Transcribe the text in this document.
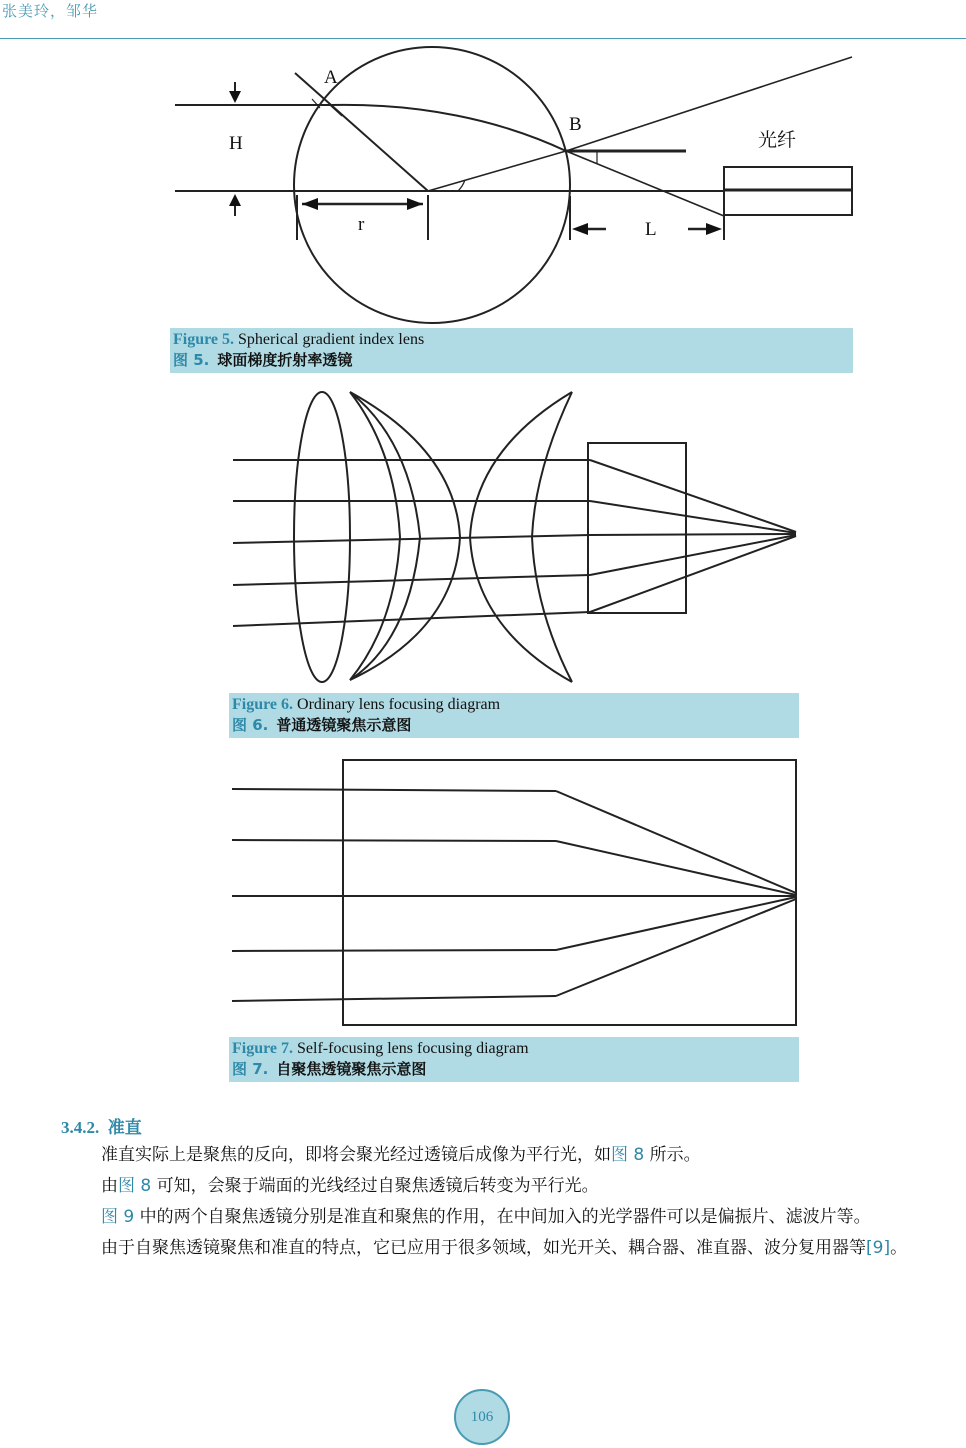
张美玲，邹华
A
B
H
r	L
光纤
Figure 5. Spherical gradient index lens
图 5. 球面梯度折射率透镜
Figure 6. Ordinary lens focusing diagram
图 6. 普通透镜聚焦示意图
Figure 7. Self-focusing lens focusing diagram
图 7. 自聚焦透镜聚焦示意图
3.4.2. 准直

准直实际上是聚焦的反向，即将会聚光经过透镜后成像为平行光，如图 8 所示。

由图 8 可知，会聚于端面的光线经过自聚焦透镜后转变为平行光。

图 9 中的两个自聚焦透镜分别是准直和聚焦的作用，在中间加入的光学器件可以是偏振片、滤波片等。

由于自聚焦透镜聚焦和准直的特点，它已应用于很多领域，如光开关、耦合器、准直器、波分复用器等[9]。

106
